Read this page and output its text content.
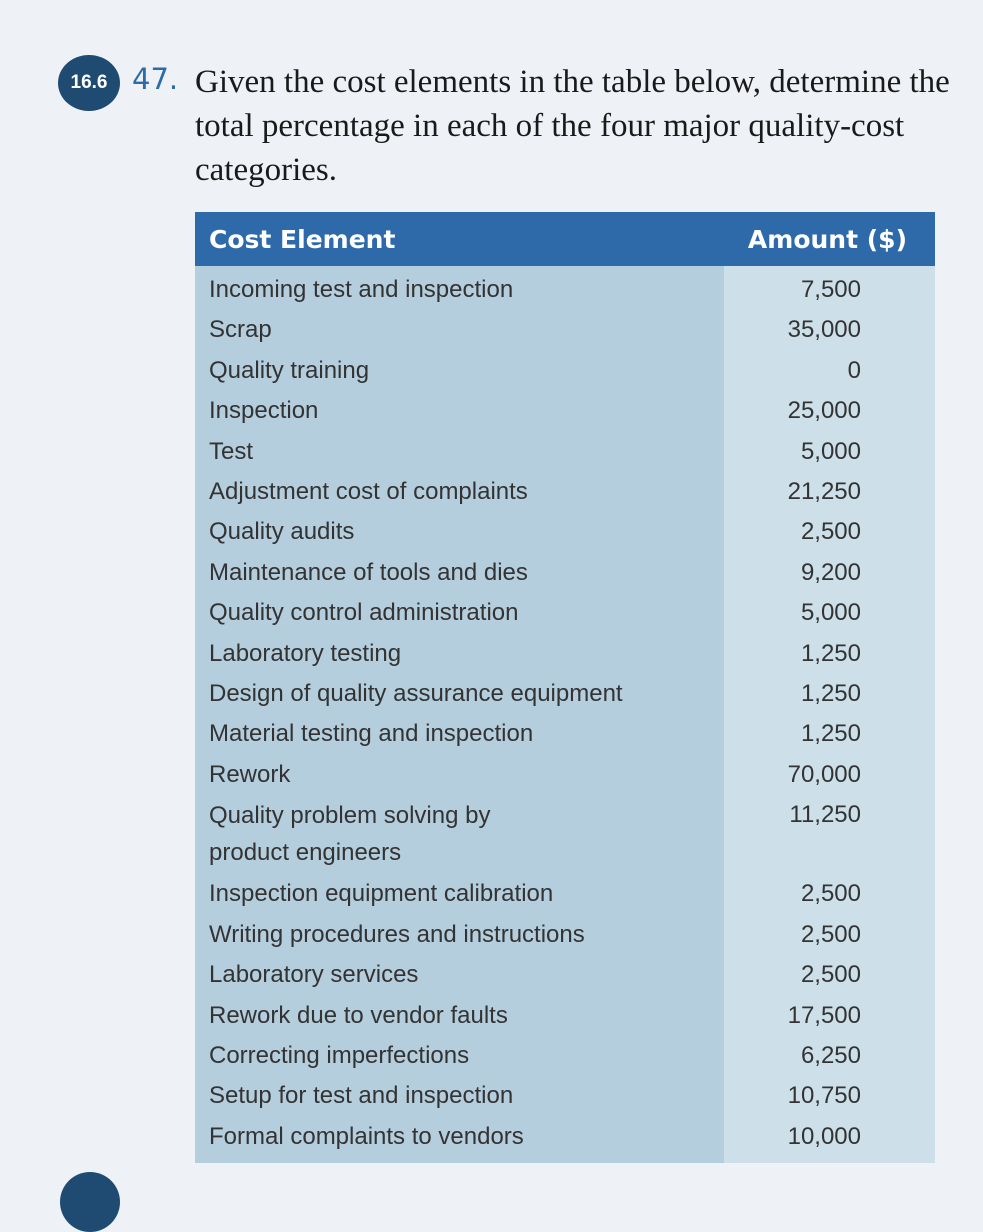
16.6 47. Given the cost elements in the table below, determine the total percentage in each of the four major quality-cost categories.

Cost Element	Amount ($)
Incoming test and inspection
Scrap
Quality training
Inspection
Test
Adjustment cost of complaints
Quality audits
Maintenance of tools and dies
Quality control administration
Laboratory testing
Design of quality assurance equipment
Material testing and inspection
Rework
Quality problem solving by product engineers
Inspection equipment calibration
Writing procedures and instructions
Laboratory services
Rework due to vendor faults
Correcting imperfections
Setup for test and inspection
Formal complaints to vendors
7,500
35,000
0
25,000
5,000
21,250
2,500
9,200
5,000
1,250
1,250
1,250
70,000
11,250
2,500
2,500
2,500
17,500
6,250
10,750
10,000
